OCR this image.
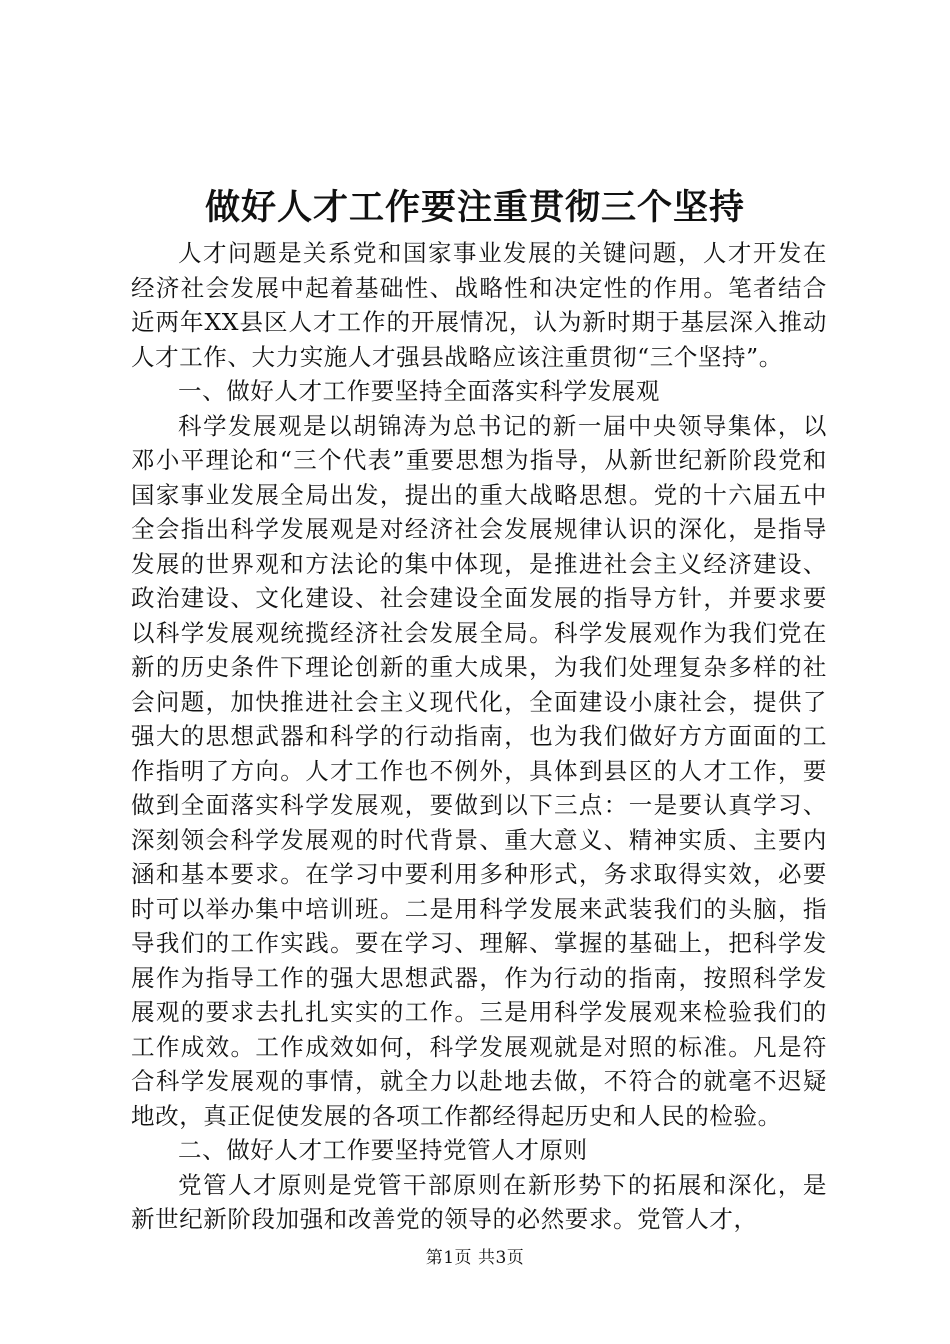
做好人才工作要注重贯彻三个坚持

人才问题是关系党和国家事业发展的关键问题，人才开发在经济社会发展中起着基础性、战略性和决定性的作用。笔者结合近两年XX县区人才工作的开展情况，认为新时期于基层深入推动人才工作、大力实施人才强县战略应该注重贯彻“三个坚持”。

一、做好人才工作要坚持全面落实科学发展观

科学发展观是以胡锦涛为总书记的新一届中央领导集体，以邓小平理论和“三个代表”重要思想为指导，从新世纪新阶段党和国家事业发展全局出发，提出的重大战略思想。党的十六届五中全会指出科学发展观是对经济社会发展规律认识的深化，是指导发展的世界观和方法论的集中体现，是推进社会主义经济建设、政治建设、文化建设、社会建设全面发展的指导方针，并要求要以科学发展观统揽经济社会发展全局。科学发展观作为我们党在新的历史条件下理论创新的重大成果，为我们处理复杂多样的社会问题，加快推进社会主义现代化，全面建设小康社会，提供了强大的思想武器和科学的行动指南，也为我们做好方方面面的工作指明了方向。人才工作也不例外，具体到县区的人才工作，要做到全面落实科学发展观，要做到以下三点：一是要认真学习、深刻领会科学发展观的时代背景、重大意义、精神实质、主要内涵和基本要求。在学习中要利用多种形式，务求取得实效，必要时可以举办集中培训班。二是用科学发展来武装我们的头脑，指导我们的工作实践。要在学习、理解、掌握的基础上，把科学发展作为指导工作的强大思想武器，作为行动的指南，按照科学发展观的要求去扎扎实实的工作。三是用科学发展观来检验我们的工作成效。工作成效如何，科学发展观就是对照的标准。凡是符合科学发展观的事情，就全力以赴地去做，不符合的就毫不迟疑地改，真正促使发展的各项工作都经得起历史和人民的检验。

二、做好人才工作要坚持党管人才原则

党管人才原则是党管干部原则在新形势下的拓展和深化，是新世纪新阶段加强和改善党的领导的必然要求。党管人才，

第1页 共3页
